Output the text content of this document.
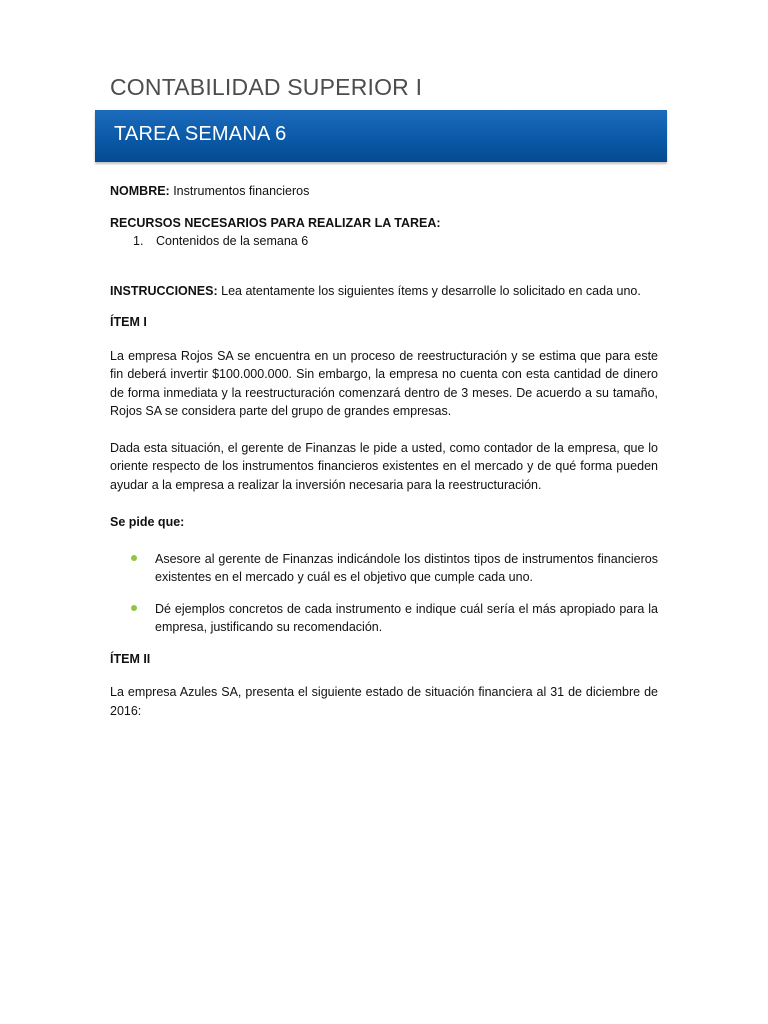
CONTABILIDAD SUPERIOR I
TAREA SEMANA 6

NOMBRE: Instrumentos financieros

RECURSOS NECESARIOS PARA REALIZAR LA TAREA:

1.	Contenidos de la semana 6

INSTRUCCIONES: Lea atentamente los siguientes ítems y desarrolle lo solicitado en cada uno.

ÍTEM I

La empresa Rojos SA se encuentra en un proceso de reestructuración y se estima que para este fin deberá invertir $100.000.000. Sin embargo, la empresa no cuenta con esta cantidad de dinero de forma inmediata y la reestructuración comenzará dentro de 3 meses. De acuerdo a su tamaño, Rojos SA se considera parte del grupo de grandes empresas.

Dada esta situación, el gerente de Finanzas le pide a usted, como contador de la empresa, que lo oriente respecto de los instrumentos financieros existentes en el mercado y de qué forma pueden ayudar a la empresa a realizar la inversión necesaria para la reestructuración.

Se pide que:

Asesore al gerente de Finanzas indicándole los distintos tipos de instrumentos financieros existentes en el mercado y cuál es el objetivo que cumple cada uno.
Dé ejemplos concretos de cada instrumento e indique cuál sería el más apropiado para la empresa, justificando su recomendación.

ÍTEM II

La empresa Azules SA, presenta el siguiente estado de situación financiera al 31 de diciembre de 2016:
